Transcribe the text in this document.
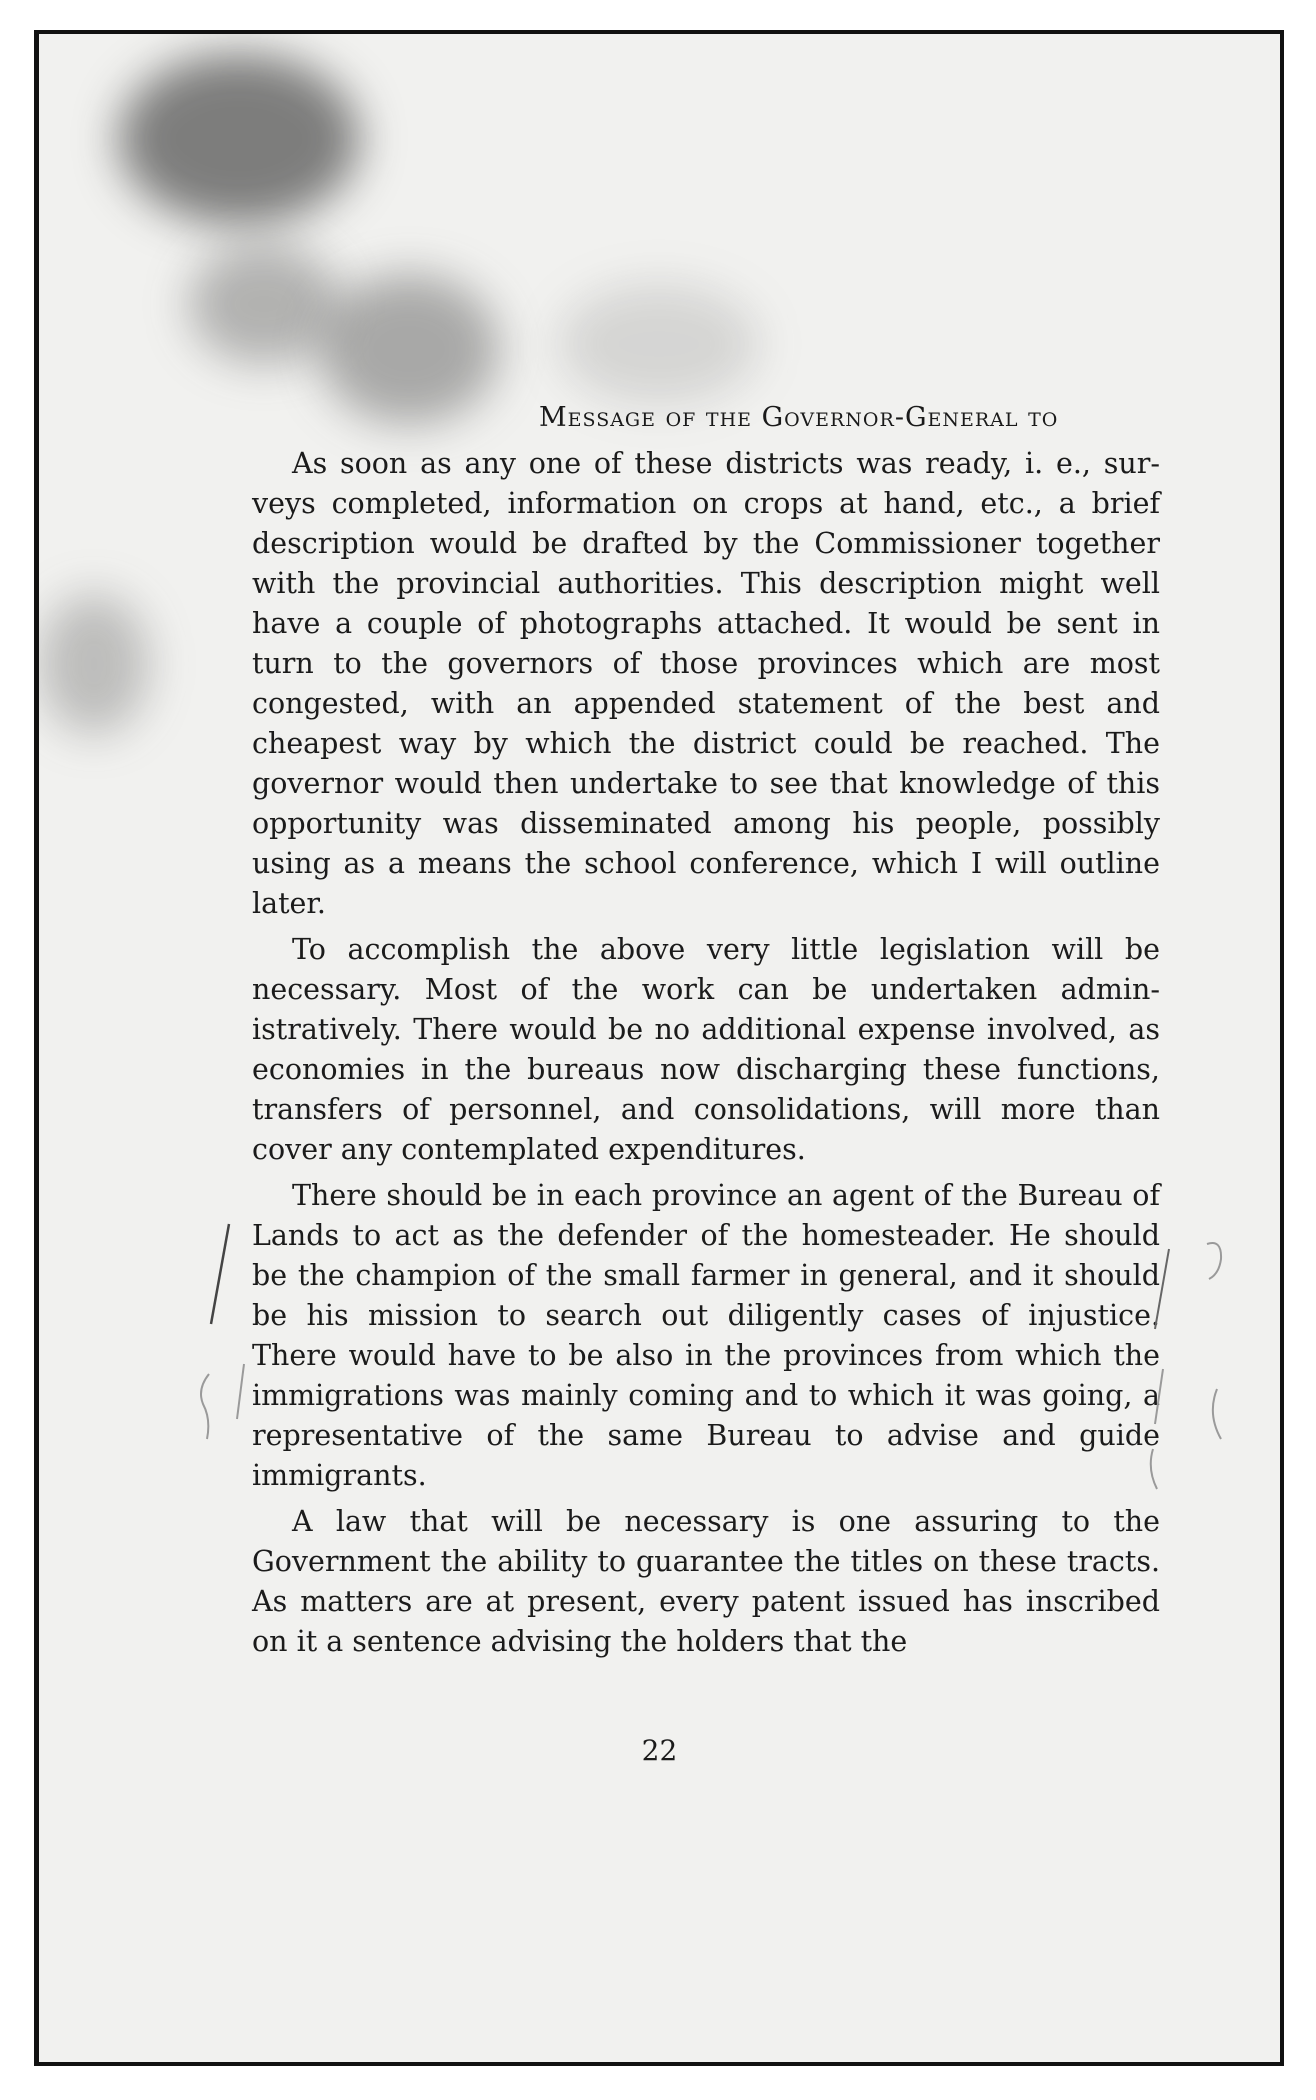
Message of the Governor-General to

As soon as any one of these districts was ready, i. e., surveys completed, information on crops at hand, etc., a brief description would be drafted by the Commissioner together with the provincial authorities. This description might well have a couple of photographs attached. It would be sent in turn to the governors of those provinces which are most congested, with an appended statement of the best and cheapest way by which the district could be reached. The governor would then undertake to see that knowledge of this opportunity was disseminated among his people, possibly using as a means the school conference, which I will outline later.

To accomplish the above very little legislation will be necessary. Most of the work can be undertaken administratively. There would be no additional expense involved, as economies in the bureaus now discharging these functions, transfers of personnel, and consolidations, will more than cover any contemplated expenditures.

There should be in each province an agent of the Bureau of Lands to act as the defender of the homesteader. He should be the champion of the small farmer in general, and it should be his mission to search out diligently cases of injustice. There would have to be also in the provinces from which the immigrations was mainly coming and to which it was going, a representative of the same Bureau to advise and guide immigrants.

A law that will be necessary is one assuring to the Government the ability to guarantee the titles on these tracts. As matters are at present, every patent issued has inscribed on it a sentence advising the holders that the

22
